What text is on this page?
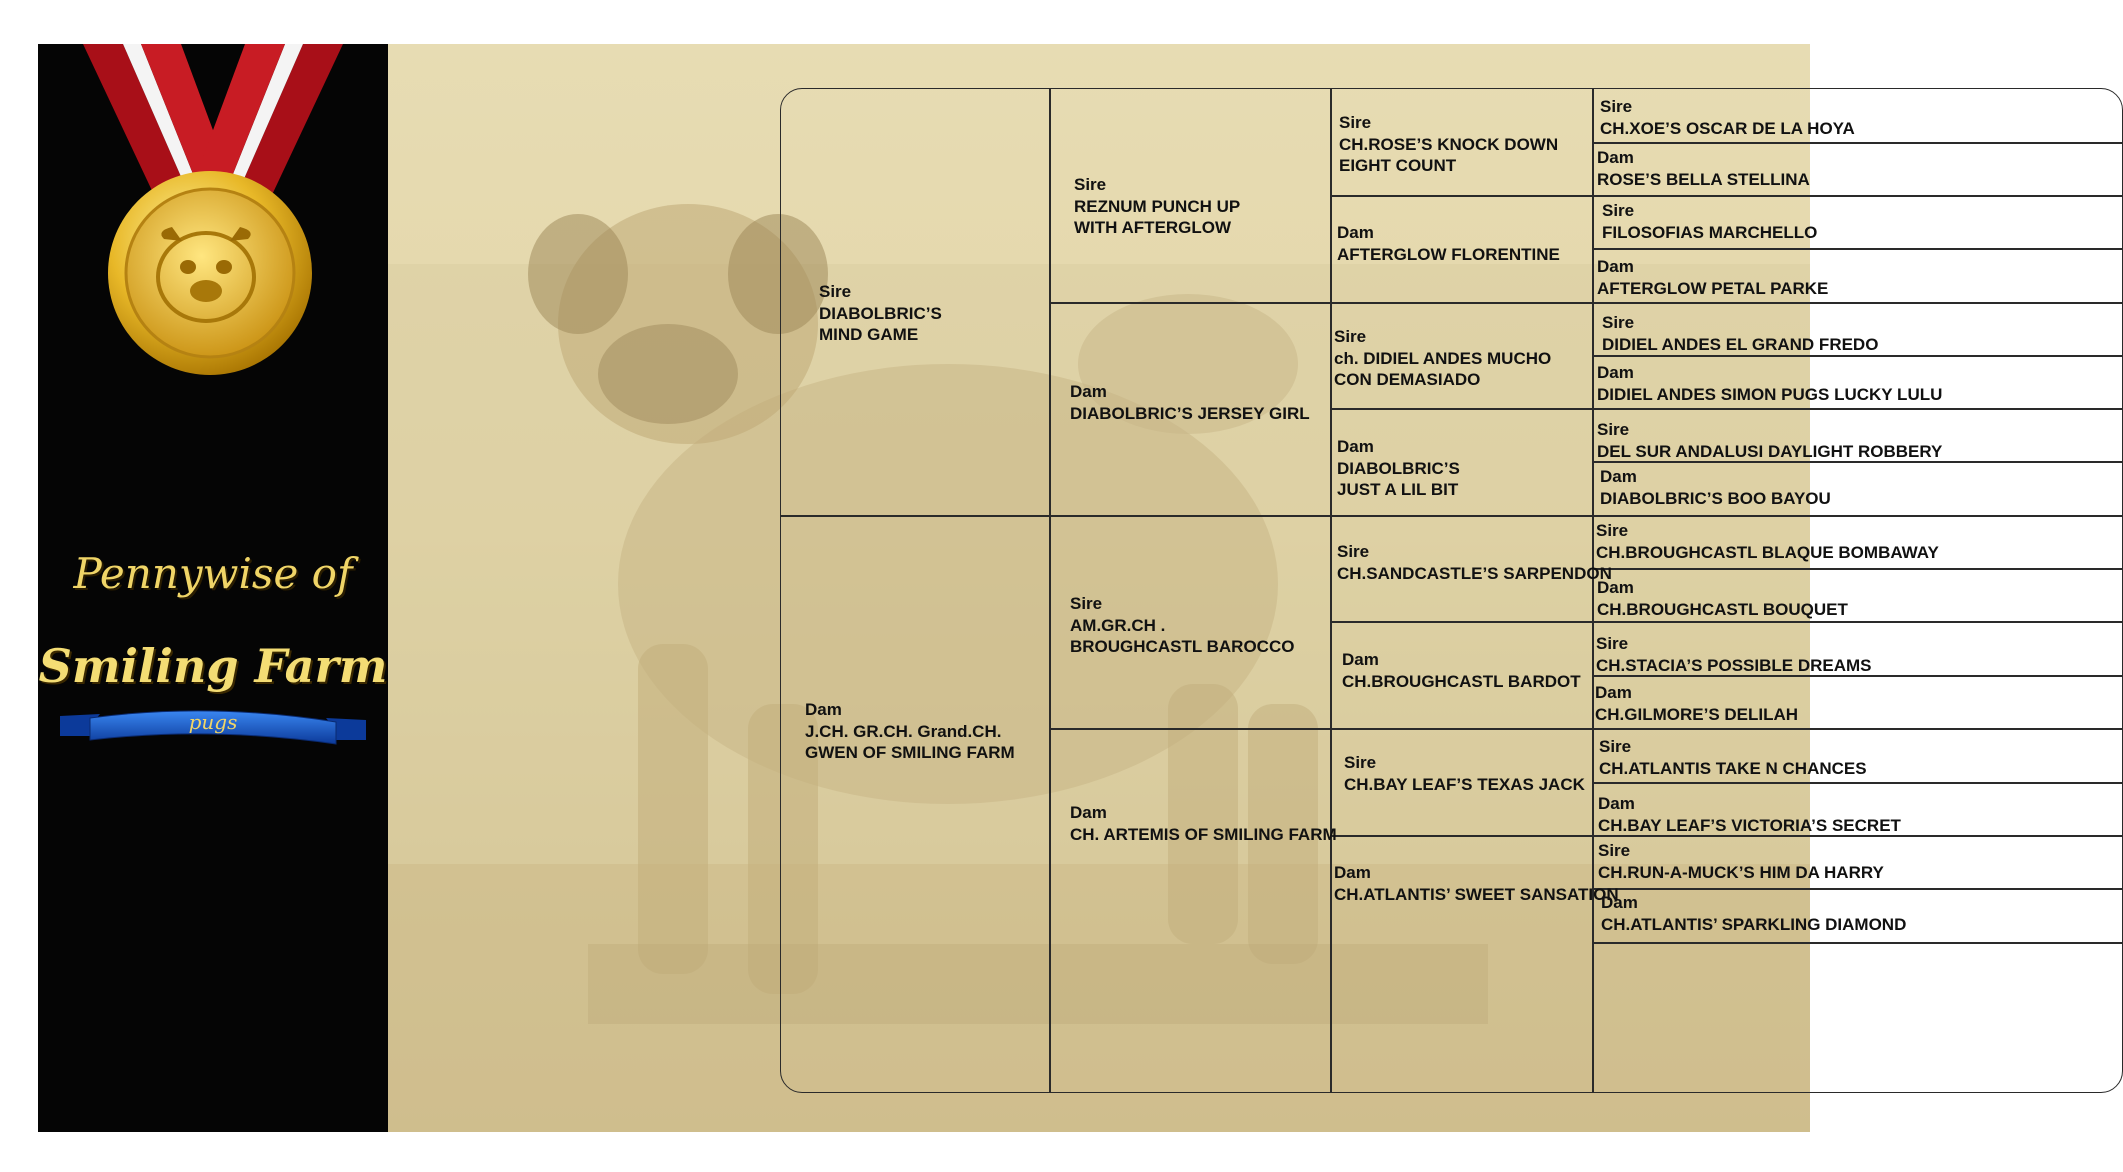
Pennywise of
Smiling Farm
pugs
Sire
DIABOLBRIC’S
MIND GAME
Dam
J.CH. GR.CH. Grand.CH.
GWEN OF SMILING FARM
Sire
REZNUM PUNCH UP
WITH AFTERGLOW
Dam
DIABOLBRIC’S JERSEY GIRL
Sire
AM.GR.CH .
BROUGHCASTL BAROCCO
Dam
CH. ARTEMIS OF SMILING FARM
Sire
CH.ROSE’S KNOCK DOWN
EIGHT COUNT
Dam
AFTERGLOW FLORENTINE
Sire
ch. DIDIEL ANDES MUCHO
CON DEMASIADO
Dam
DIABOLBRIC’S
JUST A LIL BIT
Sire
CH.SANDCASTLE’S SARPENDON
Dam
CH.BROUGHCASTL BARDOT
Sire
CH.BAY LEAF’S TEXAS JACK
Dam
CH.ATLANTIS’ SWEET SANSATION
Sire
CH.XOE’S OSCAR DE LA HOYA
Dam
ROSE’S BELLA STELLINA
Sire
FILOSOFIAS MARCHELLO
Dam
AFTERGLOW PETAL PARKE
Sire
DIDIEL ANDES EL GRAND FREDO
Dam
DIDIEL ANDES SIMON PUGS LUCKY LULU
Sire
DEL SUR ANDALUSI DAYLIGHT ROBBERY
Dam
DIABOLBRIC’S BOO BAYOU
Sire
CH.BROUGHCASTL BLAQUE BOMBAWAY
Dam
CH.BROUGHCASTL BOUQUET
Sire
CH.STACIA’S POSSIBLE DREAMS
Dam
CH.GILMORE’S DELILAH
Sire
CH.ATLANTIS TAKE N CHANCES
Dam
CH.BAY LEAF’S VICTORIA’S SECRET
Sire
CH.RUN-A-MUCK’S HIM DA HARRY
Dam
CH.ATLANTIS’ SPARKLING DIAMOND
